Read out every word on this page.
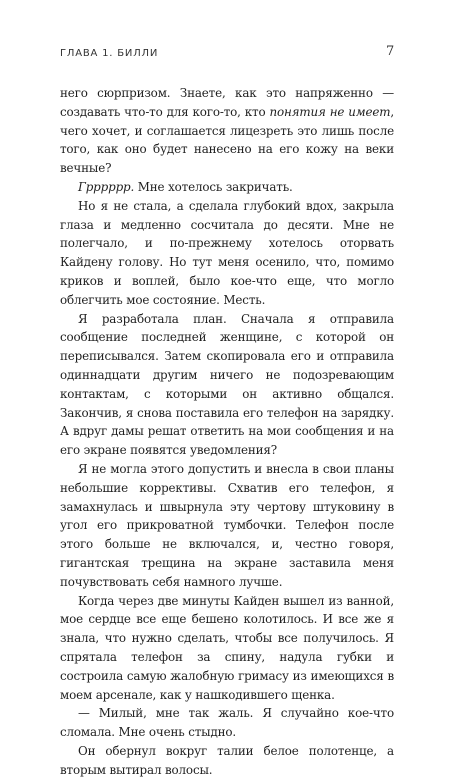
ГЛАВА 1. БИЛЛИ	7

него сюрпризом. Знаете, как это напряженно — создавать что-то для кого-то, кто понятия не имеет, чего хочет, и соглашается лицезреть это лишь после того, как оно будет нанесено на его кожу на веки вечные?

Грррррр. Мне хотелось закричать.

Но я не стала, а сделала глубокий вдох, закрыла глаза и медленно сосчитала до десяти. Мне не полегчало, и по-прежнему хотелось оторвать Кайдену голову. Но тут меня осенило, что, помимо криков и воплей, было кое-что еще, что могло облегчить мое состояние. Месть.

Я разработала план. Сначала я отправила сообщение последней женщине, с которой он переписывался. Затем скопировала его и отправила одиннадцати другим ничего не подозревающим контактам, с которыми он активно общался. Закончив, я снова поставила его телефон на зарядку. А вдруг дамы решат ответить на мои сообщения и на его экране появятся уведомления?

Я не могла этого допустить и внесла в свои планы небольшие коррективы. Схватив его телефон, я замахнулась и швырнула эту чертову штуковину в угол его прикроватной тумбочки. Телефон после этого больше не включался, и, честно говоря, гигантская трещина на экране заставила меня почувствовать себя намного лучше.

Когда через две минуты Кайден вышел из ванной, мое сердце все еще бешено колотилось. И все же я знала, что нужно сделать, чтобы все получилось. Я спрятала телефон за спину, надула губки и состроила самую жалобную гримасу из имеющихся в моем арсенале, как у нашкодившего щенка.

— Милый, мне так жаль. Я случайно кое-что сломала. Мне очень стыдно.

Он обернул вокруг талии белое полотенце, а вторым вытирал волосы.
